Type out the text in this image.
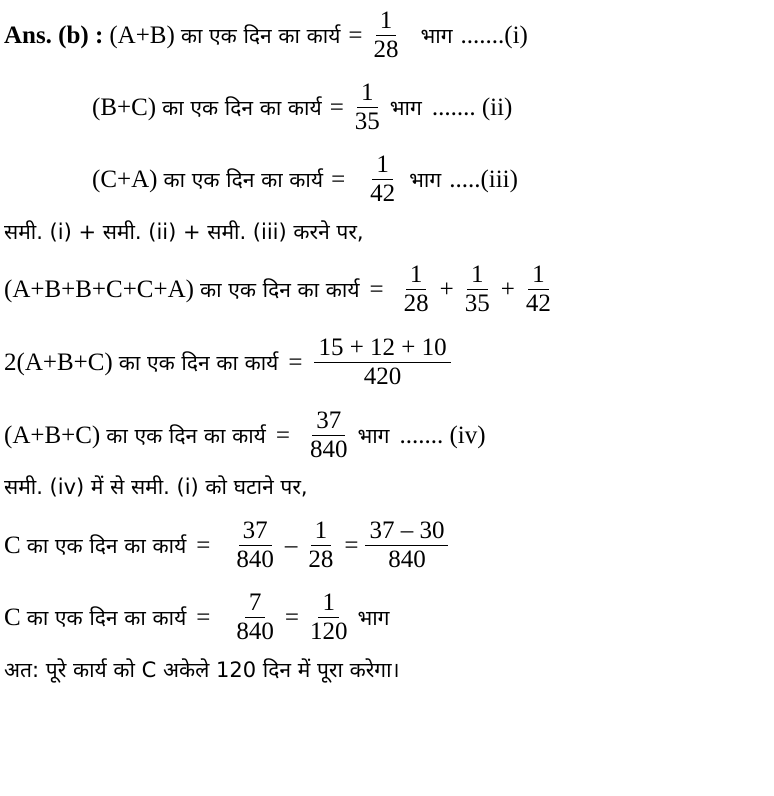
Ans. (b) : (A+B) का एक दिन का कार्य = $\frac{1}{28}$ भाग .......(i)
(B+C) का एक दिन का कार्य = $\frac{1}{35}$ भाग ....... (ii)
(C+A) का एक दिन का कार्य = $\frac{1}{42}$ भाग .....(iii)
समी. (i) + समी. (ii) + समी. (iii) करने पर,
(A+B+B+C+C+A) का एक दिन का कार्य = $\frac{1}{28} + \frac{1}{35} + \frac{1}{42}$
2(A+B+C) का एक दिन का कार्य = $\frac{15 + 12 + 10}{420}$
(A+B+C) का एक दिन का कार्य = $\frac{37}{840}$ भाग ....... (iv)
समी. (iv) में से समी. (i) को घटाने पर,
C का एक दिन का कार्य = $\frac{37}{840} - \frac{1}{28} = \frac{37 - 30}{840}$
C का एक दिन का कार्य = $\frac{7}{840} = \frac{1}{120}$ भाग
अत: पूरे कार्य को C अकेले 120 दिन में पूरा करेगा।
